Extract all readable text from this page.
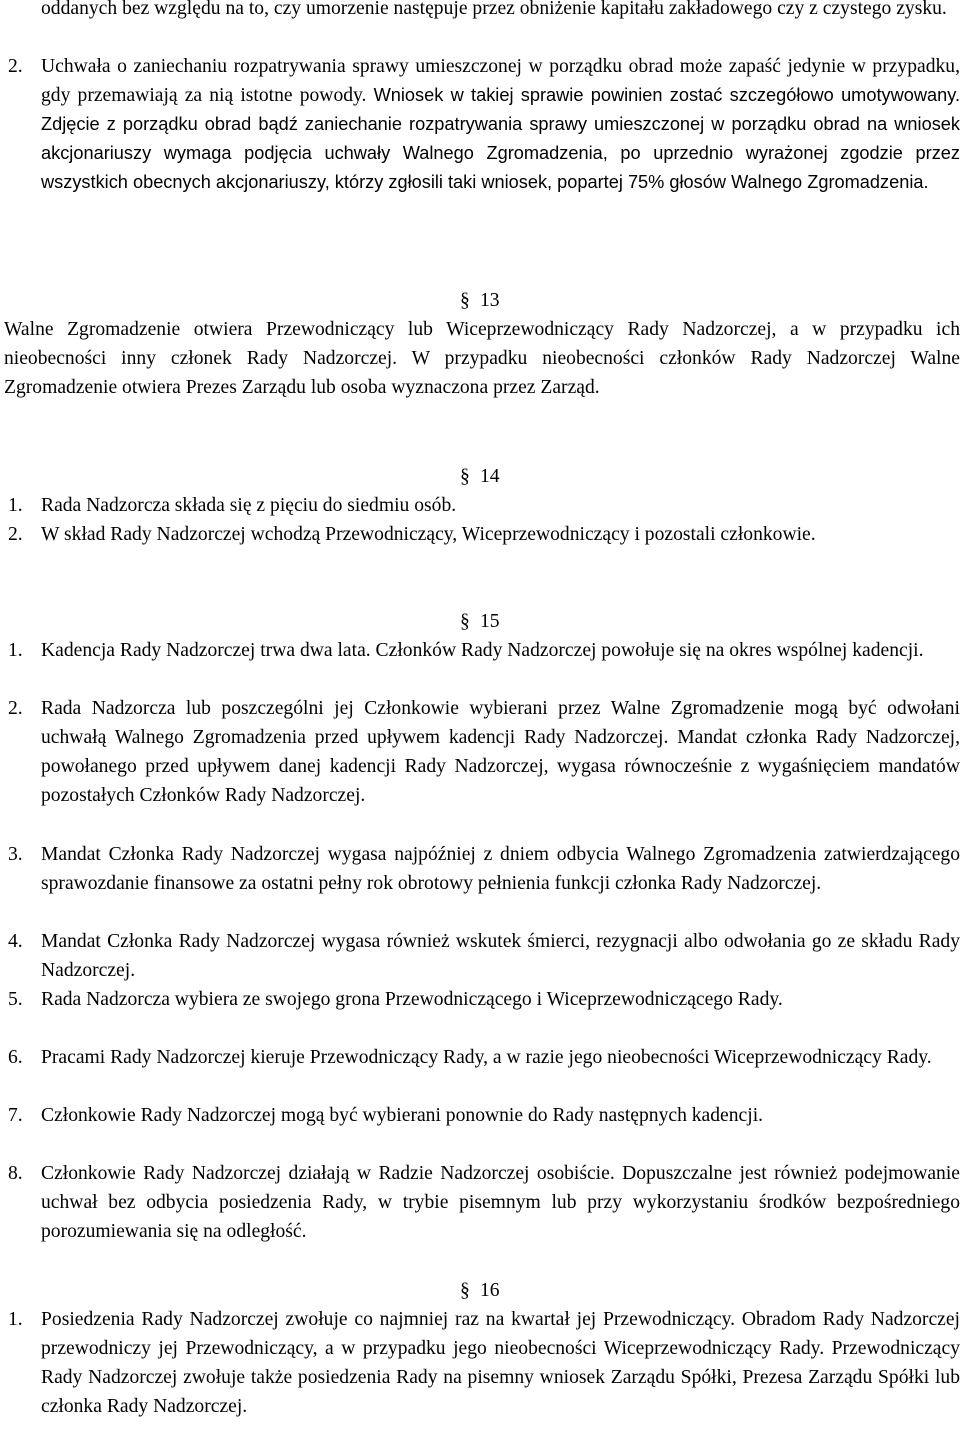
oddanych bez względu na to, czy umorzenie następuje przez obniżenie kapitału zakładowego czy z czystego zysku.
2. Uchwała o zaniechaniu rozpatrywania sprawy umieszczonej w porządku obrad może zapaść jedynie w przypadku, gdy przemawiają za nią istotne powody. Wniosek w takiej sprawie powinien zostać szczegółowo umotywowany. Zdjęcie z porządku obrad bądź zaniechanie rozpatrywania sprawy umieszczonej w porządku obrad na wniosek akcjonariuszy wymaga podjęcia uchwały Walnego Zgromadzenia, po uprzednio wyrażonej zgodzie przez wszystkich obecnych akcjonariuszy, którzy zgłosili taki wniosek, popartej 75% głosów Walnego Zgromadzenia.
§ 13
Walne Zgromadzenie otwiera Przewodniczący lub Wiceprzewodniczący Rady Nadzorczej, a w przypadku ich nieobecności inny członek Rady Nadzorczej. W przypadku nieobecności członków Rady Nadzorczej Walne Zgromadzenie otwiera Prezes Zarządu lub osoba wyznaczona przez Zarząd.
§ 14
1. Rada Nadzorcza składa się z pięciu do siedmiu osób.
2. W skład Rady Nadzorczej wchodzą Przewodniczący, Wiceprzewodniczący i pozostali członkowie.
§ 15
1. Kadencja Rady Nadzorczej trwa dwa lata. Członków Rady Nadzorczej powołuje się na okres wspólnej kadencji.
2. Rada Nadzorcza lub poszczególni jej Członkowie wybierani przez Walne Zgromadzenie mogą być odwołani uchwałą Walnego Zgromadzenia przed upływem kadencji Rady Nadzorczej. Mandat członka Rady Nadzorczej, powołanego przed upływem danej kadencji Rady Nadzorczej, wygasa równocześnie z wygaśnięciem mandatów pozostałych Członków Rady Nadzorczej.
3. Mandat Członka Rady Nadzorczej wygasa najpóźniej z dniem odbycia Walnego Zgromadzenia zatwierdzającego sprawozdanie finansowe za ostatni pełny rok obrotowy pełnienia funkcji członka Rady Nadzorczej.
4. Mandat Członka Rady Nadzorczej wygasa również wskutek śmierci, rezygnacji albo odwołania go ze składu Rady Nadzorczej.
5. Rada Nadzorcza wybiera ze swojego grona Przewodniczącego i Wiceprzewodniczącego Rady.
6. Pracami Rady Nadzorczej kieruje Przewodniczący Rady, a w razie jego nieobecności Wiceprzewodniczący Rady.
7. Członkowie Rady Nadzorczej mogą być wybierani ponownie do Rady następnych kadencji.
8. Członkowie Rady Nadzorczej działają w Radzie Nadzorczej osobiście. Dopuszczalne jest również podejmowanie uchwał bez odbycia posiedzenia Rady, w trybie pisemnym lub przy wykorzystaniu środków bezpośredniego porozumiewania się na odległość.
§ 16
1. Posiedzenia Rady Nadzorczej zwołuje co najmniej raz na kwartał jej Przewodniczący. Obradom Rady Nadzorczej przewodniczy jej Przewodniczący, a w przypadku jego nieobecności Wiceprzewodniczący Rady. Przewodniczący Rady Nadzorczej zwołuje także posiedzenia Rady na pisemny wniosek Zarządu Spółki, Prezesa Zarządu Spółki lub członka Rady Nadzorczej.
